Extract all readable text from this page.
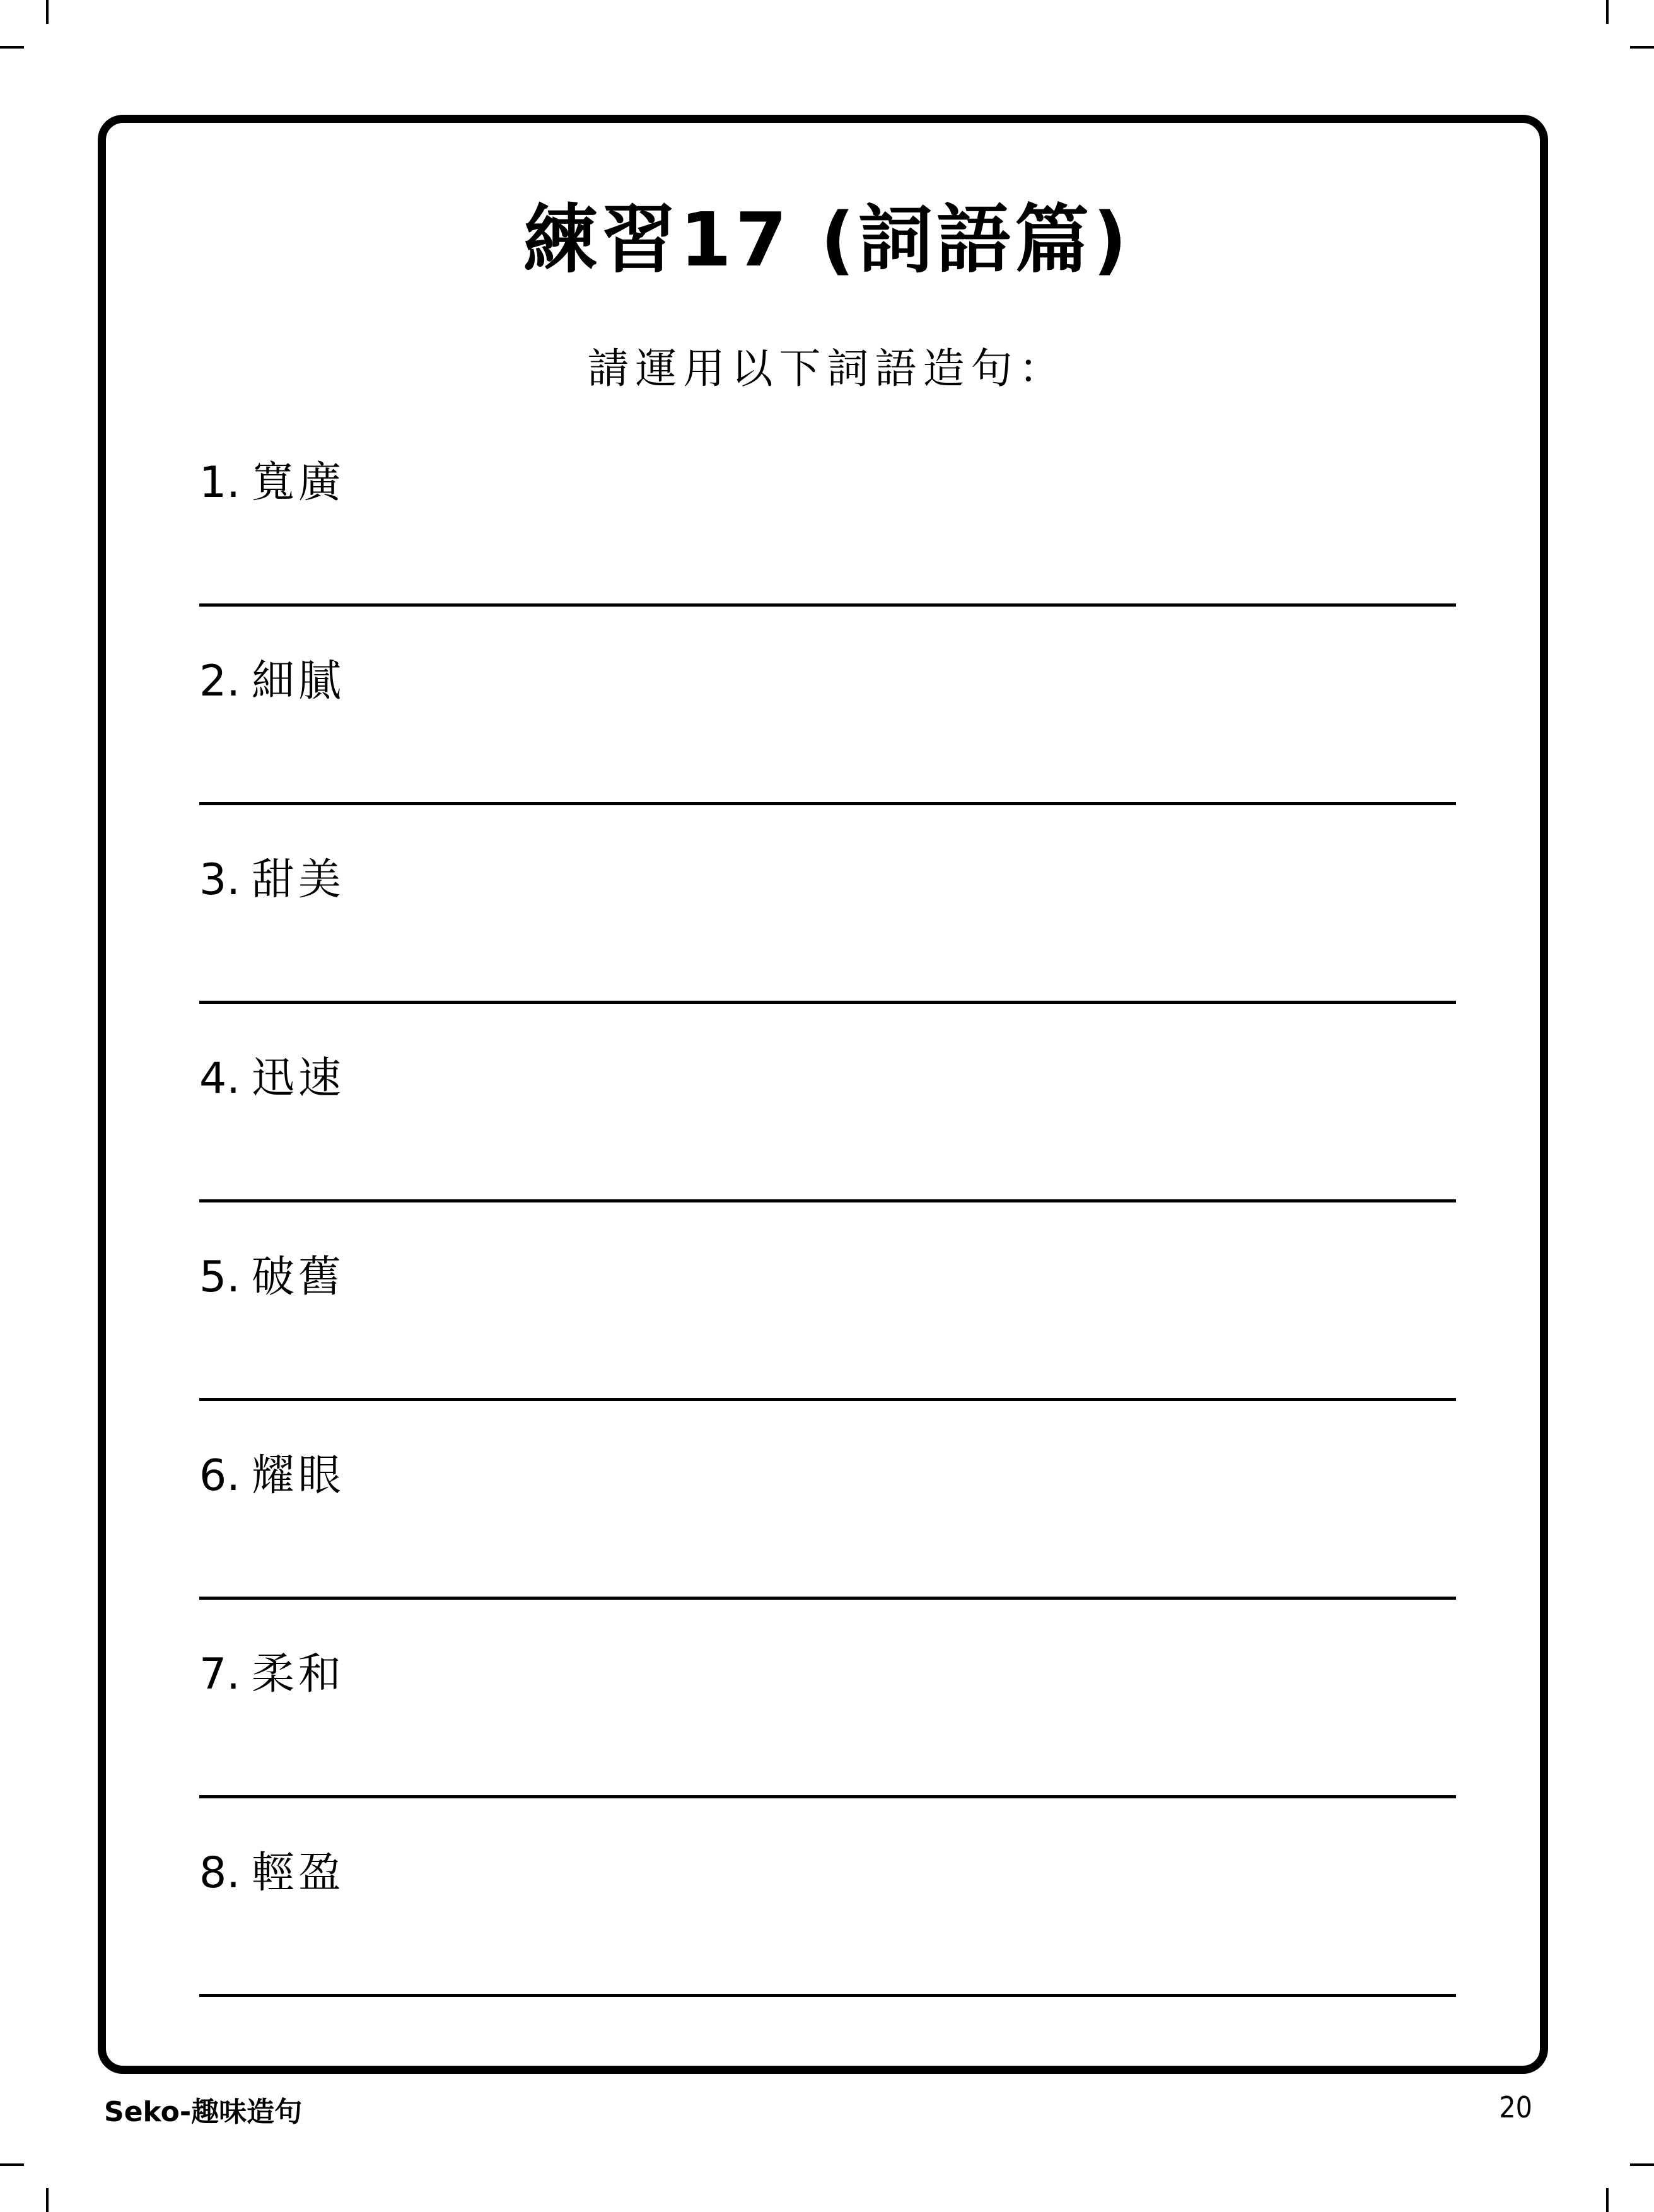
練習17 (詞語篇)
請運用以下詞語造句：
1. 寬廣
2. 細膩
3. 甜美
4. 迅速
5. 破舊
6. 耀眼
7. 柔和
8. 輕盈
Seko-趣味造句	20
